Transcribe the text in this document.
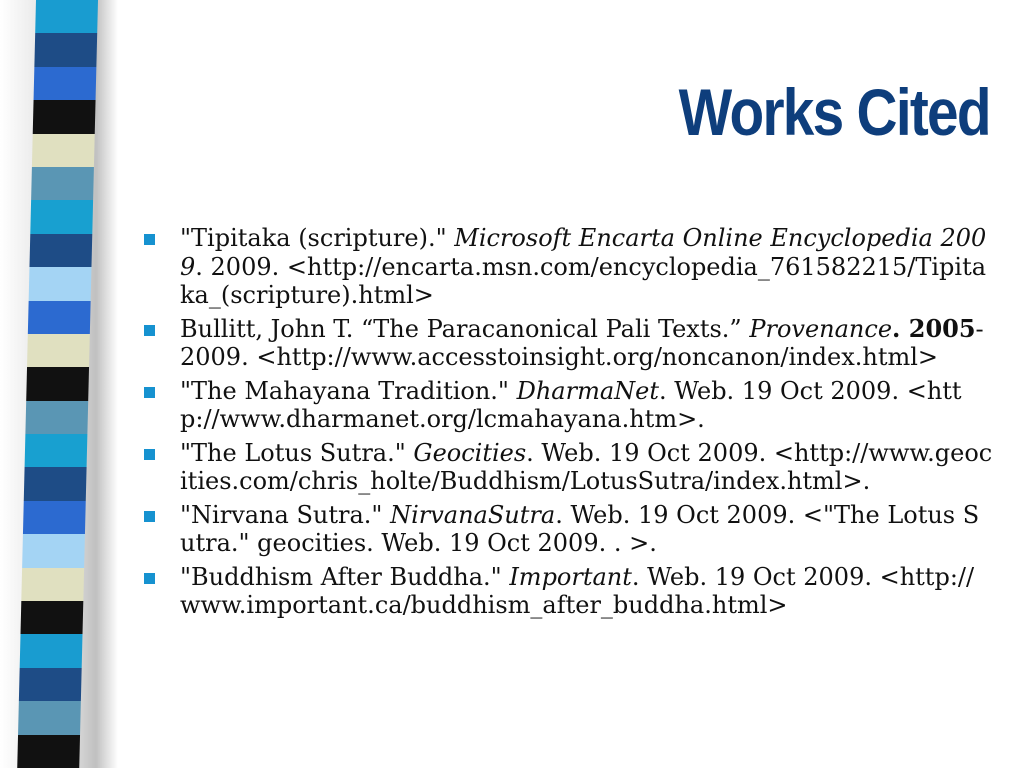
Works Cited
"Tipitaka (scripture)." Microsoft Encarta Online Encyclopedia 2009. 2009. <http://encarta.msn.com/encyclopedia_761582215/Tipitaka_(scripture).html>
Bullitt, John T. “The Paracanonical Pali Texts.” Provenance. 2005-2009. <http://www.accesstoinsight.org/noncanon/index.html>
"The Mahayana Tradition." DharmaNet. Web. 19 Oct 2009. <http://www.dharmanet.org/lcmahayana.htm>.
"The Lotus Sutra." Geocities. Web. 19 Oct 2009. <http://www.geocities.com/chris_holte/Buddhism/LotusSutra/index.html>.
"Nirvana Sutra." NirvanaSutra. Web. 19 Oct 2009. <"The Lotus Sutra." geocities. Web. 19 Oct 2009. . >.
"Buddhism After Buddha." Important. Web. 19 Oct 2009. <http://www.important.ca/buddhism_after_buddha.html>
